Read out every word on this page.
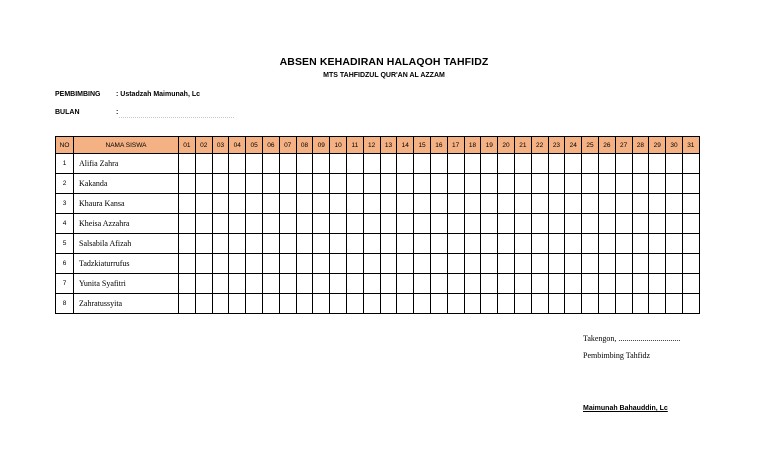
ABSEN KEHADIRAN HALAQOH TAHFIDZ
MTS TAHFIDZUL QUR'AN AL AZZAM
PEMBIMBING : Ustadzah Maimunah, Lc
BULAN	:
NO	NAMA SISWA	01	02	03	04	05	06	07	08	09	10	11	12	13	14	15	16	17	18	19	20	21	22	23	24	25	26	27	28	29	30	31
1	Alifia Zahra																															
2	Kakanda																															
3	Khaura Kansa																															
4	Kheisa Azzahra																															
5	Salsabila Afizah																															
6	Tadzkiaturrufus																															
7	Yunita Syafitri																															
8	Zahratussyita																															
Takengon, ...............................
Pembimbing Tahfidz
Maimunah Bahauddin, Lc
